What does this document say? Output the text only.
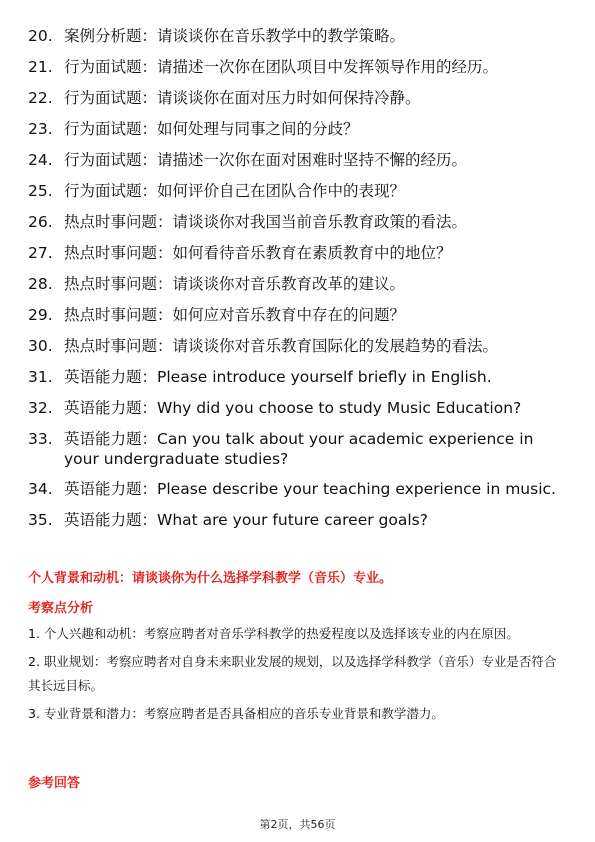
20. 案例分析题：请谈谈你在音乐教学中的教学策略。
21. 行为面试题：请描述一次你在团队项目中发挥领导作用的经历。
22. 行为面试题：请谈谈你在面对压力时如何保持冷静。
23. 行为面试题：如何处理与同事之间的分歧？
24. 行为面试题：请描述一次你在面对困难时坚持不懈的经历。
25. 行为面试题：如何评价自己在团队合作中的表现？
26. 热点时事问题：请谈谈你对我国当前音乐教育政策的看法。
27. 热点时事问题：如何看待音乐教育在素质教育中的地位？
28. 热点时事问题：请谈谈你对音乐教育改革的建议。
29. 热点时事问题：如何应对音乐教育中存在的问题？
30. 热点时事问题：请谈谈你对音乐教育国际化的发展趋势的看法。
31. 英语能力题：Please introduce yourself briefly in English.
32. 英语能力题：Why did you choose to study Music Education?
33. 英语能力题：Can you talk about your academic experience in your undergraduate studies?
34. 英语能力题：Please describe your teaching experience in music.
35. 英语能力题：What are your future career goals?
个人背景和动机：请谈谈你为什么选择学科教学（音乐）专业。
考察点分析

1. 个人兴趣和动机：考察应聘者对音乐学科教学的热爱程度以及选择该专业的内在原因。

2. 职业规划：考察应聘者对自身未来职业发展的规划，以及选择学科教学（音乐）专业是否符合其长远目标。

3. 专业背景和潜力：考察应聘者是否具备相应的音乐专业背景和教学潜力。

参考回答
第2页，共56页
